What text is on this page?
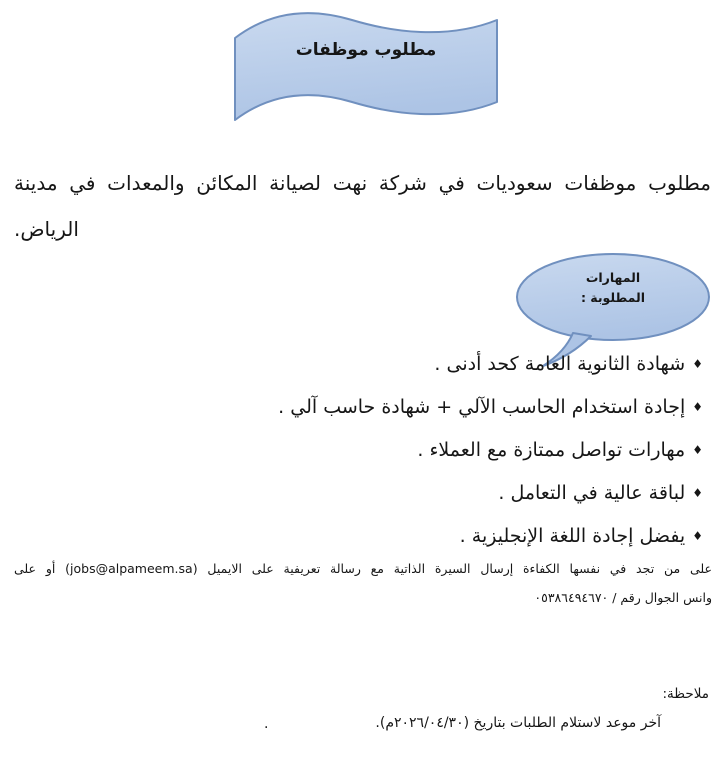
مطلوب موظفات
مطلوب موظفات سعوديات في شركة نهت لصيانة المكائن والمعدات في مدينة
الرياض.
المهارات
المطلوبة :
♦شهادة الثانوية العامة كحد أدنى .
♦إجادة استخدام الحاسب الآلي + شهادة حاسب آلي .
♦مهارات تواصل ممتازة مع العملاء .
♦لباقة عالية في التعامل .
♦يفضل إجادة اللغة الإنجليزية .
على من تجد في نفسها الكفاءة إرسال السيرة الذاتية مع رسالة تعريفية على الايميل (jobs@alpameem.sa) أو على
وانس الجوال رقم / ٠٥٣٨٦٤٩٤٦٧٠
ملاحظة:
آخر موعد لاستلام الطلبات بتاريخ (٢٠٢٦/٠٤/٣٠م).
.
